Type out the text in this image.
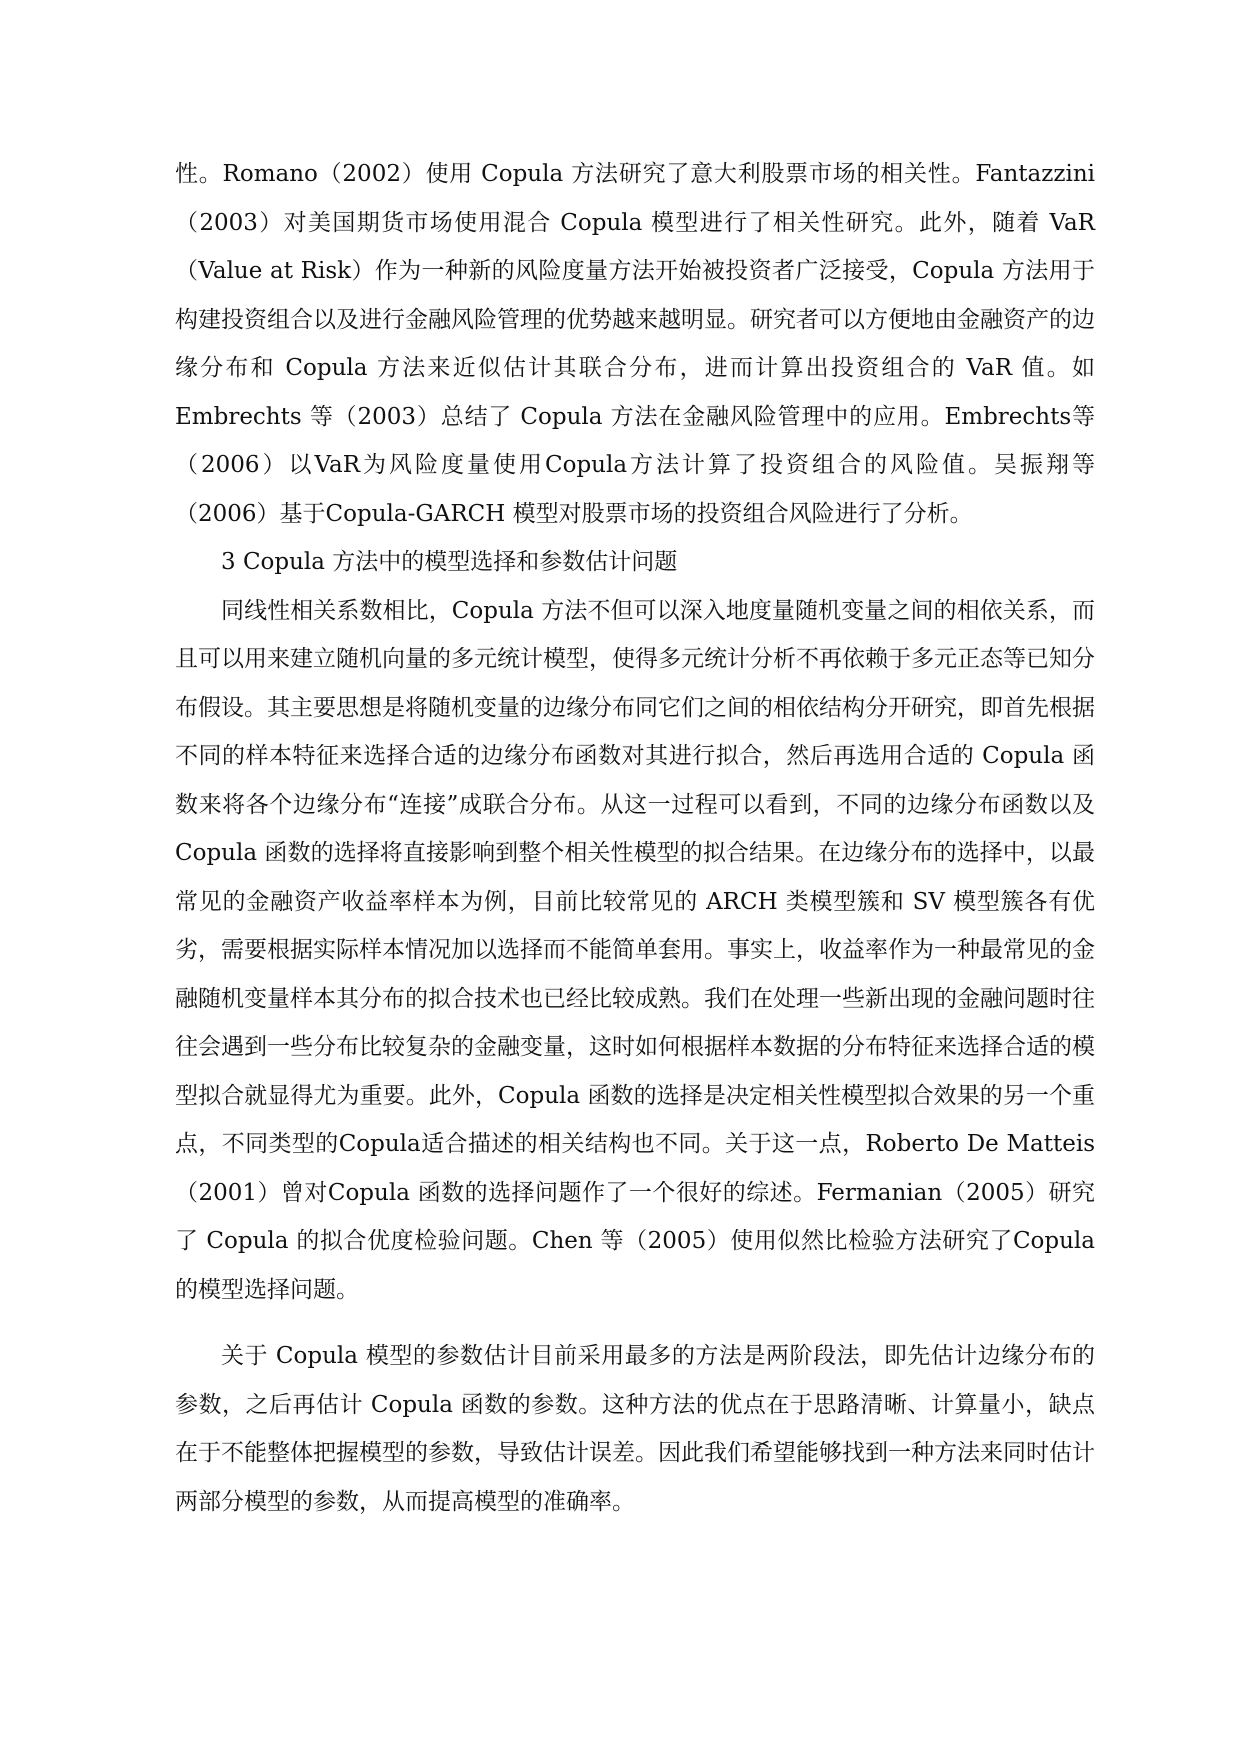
性。Romano（2002）使用 Copula 方法研究了意大利股票市场的相关性。Fantazzini（2003）对美国期货市场使用混合 Copula 模型进行了相关性研究。此外，随着 VaR（Value at Risk）作为一种新的风险度量方法开始被投资者广泛接受，Copula 方法用于构建投资组合以及进行金融风险管理的优势越来越明显。研究者可以方便地由金融资产的边缘分布和 Copula 方法来近似估计其联合分布，进而计算出投资组合的 VaR 值。如 Embrechts 等（2003）总结了 Copula 方法在金融风险管理中的应用。Embrechts等（2006）以VaR为风险度量使用Copula方法计算了投资组合的风险值。吴振翔等（2006）基于Copula-GARCH 模型对股票市场的投资组合风险进行了分析。

3 Copula 方法中的模型选择和参数估计问题

同线性相关系数相比，Copula 方法不但可以深入地度量随机变量之间的相依关系，而且可以用来建立随机向量的多元统计模型，使得多元统计分析不再依赖于多元正态等已知分布假设。其主要思想是将随机变量的边缘分布同它们之间的相依结构分开研究，即首先根据不同的样本特征来选择合适的边缘分布函数对其进行拟合，然后再选用合适的 Copula 函数来将各个边缘分布“连接”成联合分布。从这一过程可以看到，不同的边缘分布函数以及 Copula 函数的选择将直接影响到整个相关性模型的拟合结果。在边缘分布的选择中，以最常见的金融资产收益率样本为例，目前比较常见的 ARCH 类模型簇和 SV 模型簇各有优劣，需要根据实际样本情况加以选择而不能简单套用。事实上，收益率作为一种最常见的金融随机变量样本其分布的拟合技术也已经比较成熟。我们在处理一些新出现的金融问题时往往会遇到一些分布比较复杂的金融变量，这时如何根据样本数据的分布特征来选择合适的模型拟合就显得尤为重要。此外，Copula 函数的选择是决定相关性模型拟合效果的另一个重点，不同类型的Copula适合描述的相关结构也不同。关于这一点，Roberto De Matteis（2001）曾对Copula 函数的选择问题作了一个很好的综述。Fermanian（2005）研究了 Copula 的拟合优度检验问题。Chen 等（2005）使用似然比检验方法研究了Copula的模型选择问题。

关于 Copula 模型的参数估计目前采用最多的方法是两阶段法，即先估计边缘分布的参数，之后再估计 Copula 函数的参数。这种方法的优点在于思路清晰、计算量小，缺点在于不能整体把握模型的参数，导致估计误差。因此我们希望能够找到一种方法来同时估计两部分模型的参数，从而提高模型的准确率。
